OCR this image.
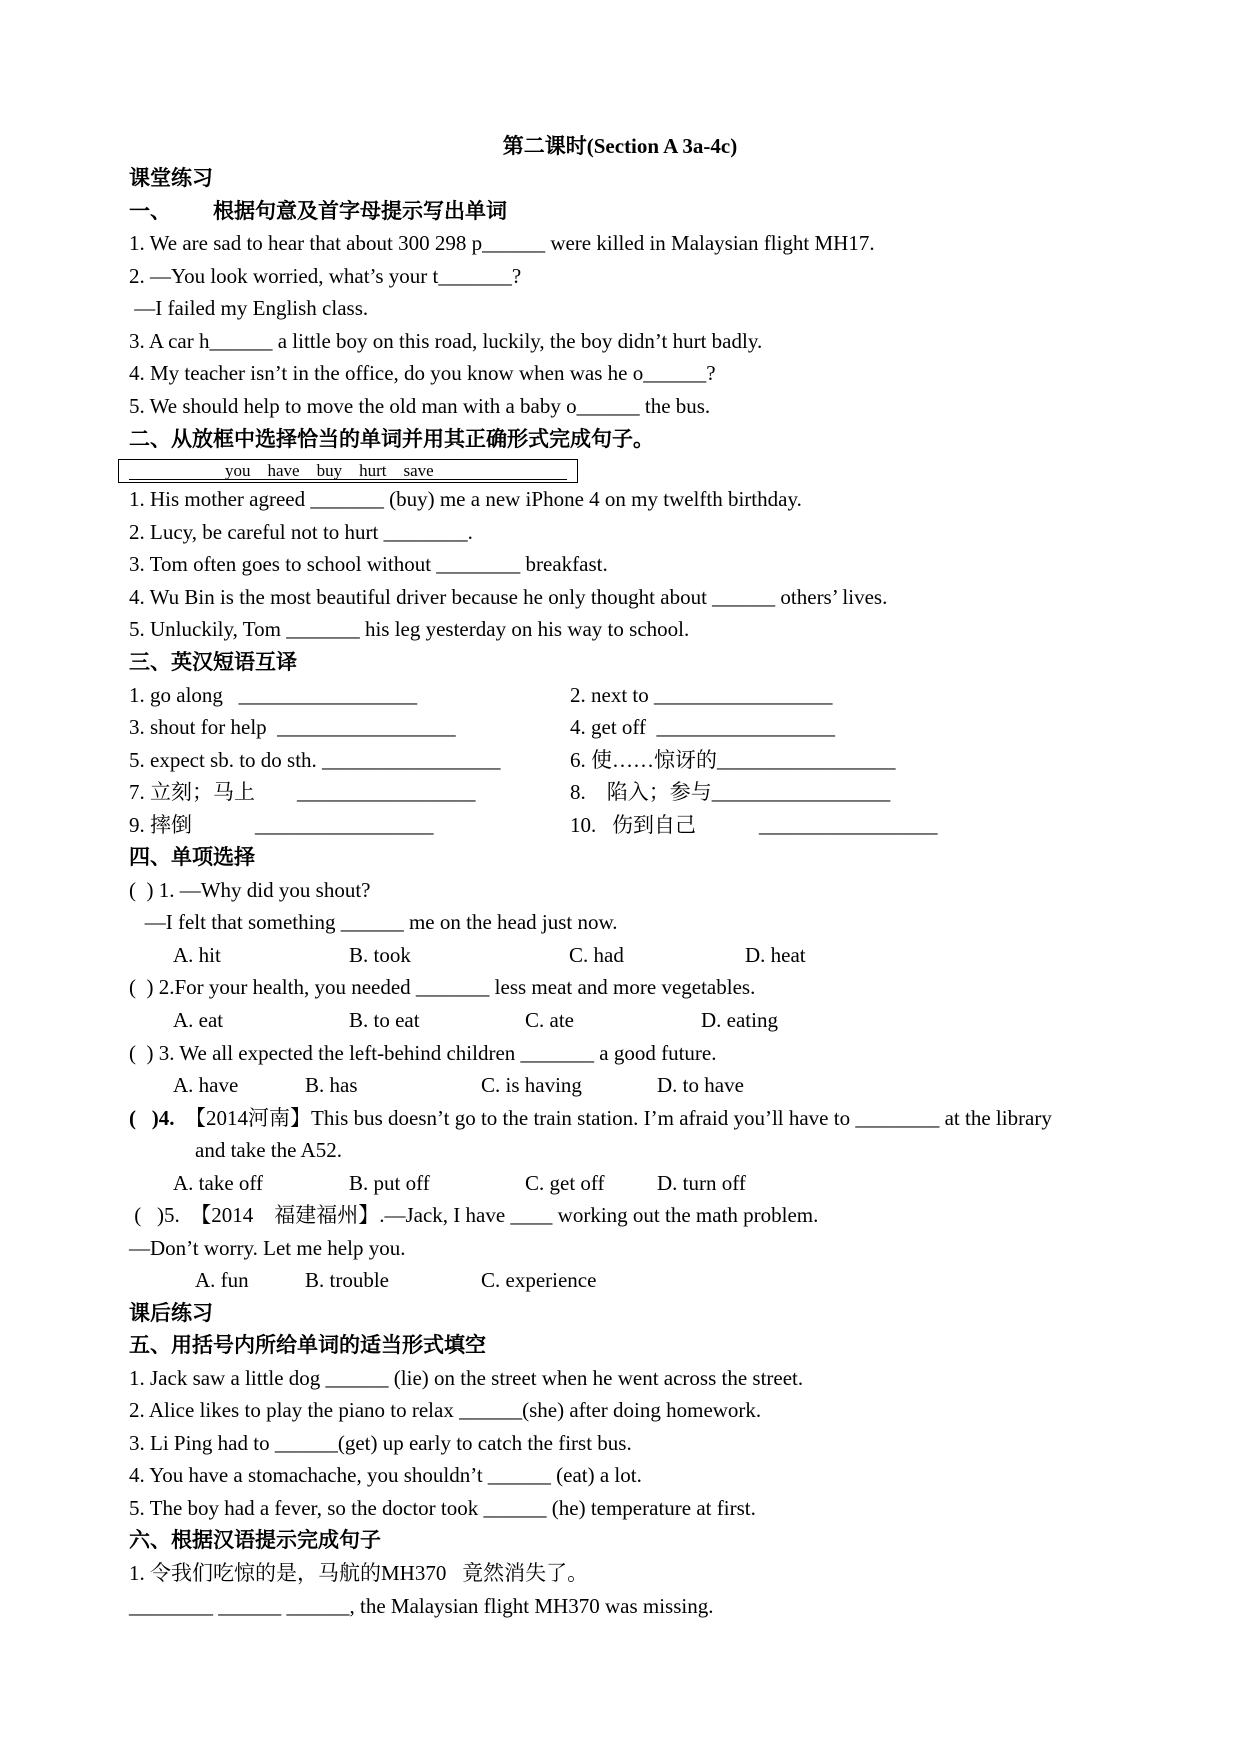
第二课时(Section A 3a-4c)
课堂练习
一、        根据句意及首字母提示写出单词
1. We are sad to hear that about 300 298 p______ were killed in Malaysian flight MH17.
2. —You look worried, what’s your t_______?
—I failed my English class.
3. A car h______ a little boy on this road, luckily, the boy didn’t hurt badly.
4. My teacher isn’t in the office, do you know when was he o______?
5. We should help to move the old man with a baby o______ the bus.
二、从放框中选择恰当的单词并用其正确形式完成句子。
you    have    buy    hurt    save
1. His mother agreed _______ (buy) me a new iPhone 4 on my twelfth birthday.
2. Lucy, be careful not to hurt ________.
3. Tom often goes to school without ________ breakfast.
4. Wu Bin is the most beautiful driver because he only thought about ______ others’ lives.
5. Unluckily, Tom _______ his leg yesterday on his way to school.
三、英汉短语互译
1. go along   _________________	2. next to _________________
3. shout for help  _________________	4. get off  _________________
5. expect sb. to do sth. _________________	6. 使……惊讶的_________________
7. 立刻；马上        _________________	8.    陷入；参与_________________
9. 摔倒            _________________	10.   伤到自己            _________________
四、单项选择
(  ) 1. —Why did you shout?
—I felt that something ______ me on the head just now.
A. hit	B. took	C. had	D. heat
(  ) 2.For your health, you needed _______ less meat and more vegetables.
A. eat	B. to eat	C. ate	D. eating
(  ) 3. We all expected the left-behind children _______ a good future.
A. have	B. has	C. is having	D. to have
(   )4.  【2014河南】This bus doesn’t go to the train station. I’m afraid you’ll have to ________ at the library
and take the A52.
A. take off	B. put off	C. get off D. turn off
(   )5.  【2014    福建福州】.—Jack, I have ____ working out the math problem.
—Don’t worry. Let me help you.
A. fun	B. trouble	C. experience
课后练习
五、用括号内所给单词的适当形式填空
1. Jack saw a little dog ______ (lie) on the street when he went across the street.
2. Alice likes to play the piano to relax ______(she) after doing homework.
3. Li Ping had to ______(get) up early to catch the first bus.
4. You have a stomachache, you shouldn’t ______ (eat) a lot.
5. The boy had a fever, so the doctor took ______ (he) temperature at first.
六、根据汉语提示完成句子
1. 令我们吃惊的是，马航的MH370   竟然消失了。
________ ______ ______, the Malaysian flight MH370 was missing.
